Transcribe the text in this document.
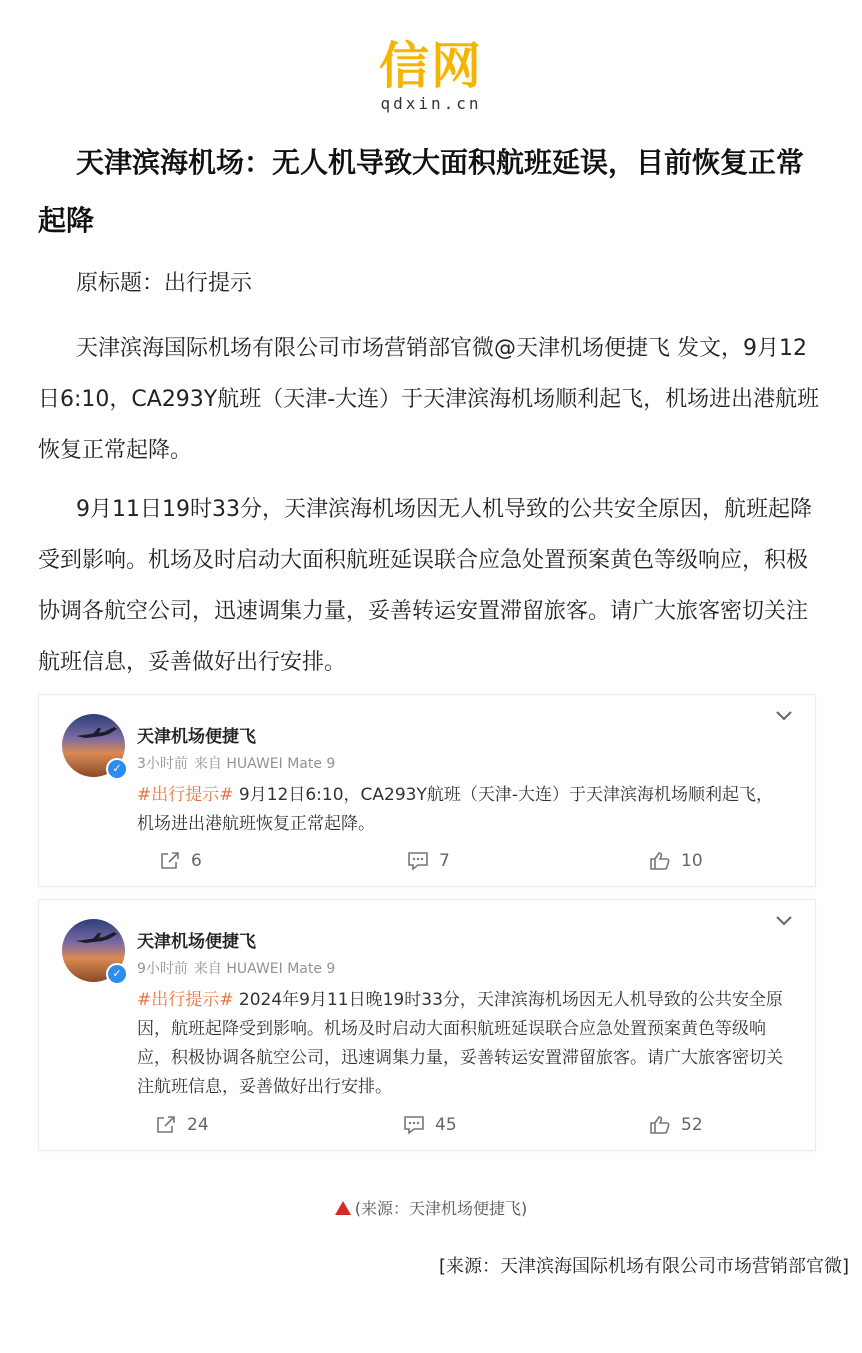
信网
qdxin.cn
天津滨海机场：无人机导致大面积航班延误，目前恢复正常起降

原标题：出行提示

天津滨海国际机场有限公司市场营销部官微@天津机场便捷飞 发文，9月12日6:10，CA293Y航班（天津-大连）于天津滨海机场顺利起飞，机场进出港航班恢复正常起降。

9月11日19时33分，天津滨海机场因无人机导致的公共安全原因，航班起降受到影响。机场及时启动大面积航班延误联合应急处置预案黄色等级响应，积极协调各航空公司，迅速调集力量，妥善转运安置滞留旅客。请广大旅客密切关注航班信息，妥善做好出行安排。

✓
天津机场便捷飞
3小时前 来自 HUAWEI Mate 9
#出行提示# 9月12日6:10，CA293Y航班（天津-大连）于天津滨海机场顺利起飞，机场进出港航班恢复正常起降。
6	7	10
✓
天津机场便捷飞
9小时前 来自 HUAWEI Mate 9
#出行提示# 2024年9月11日晚19时33分，天津滨海机场因无人机导致的公共安全原因，航班起降受到影响。机场及时启动大面积航班延误联合应急处置预案黄色等级响应，积极协调各航空公司，迅速调集力量，妥善转运安置滞留旅客。请广大旅客密切关注航班信息，妥善做好出行安排。
24	45	52
(来源：天津机场便捷飞)
[来源：天津滨海国际机场有限公司市场营销部官微]
